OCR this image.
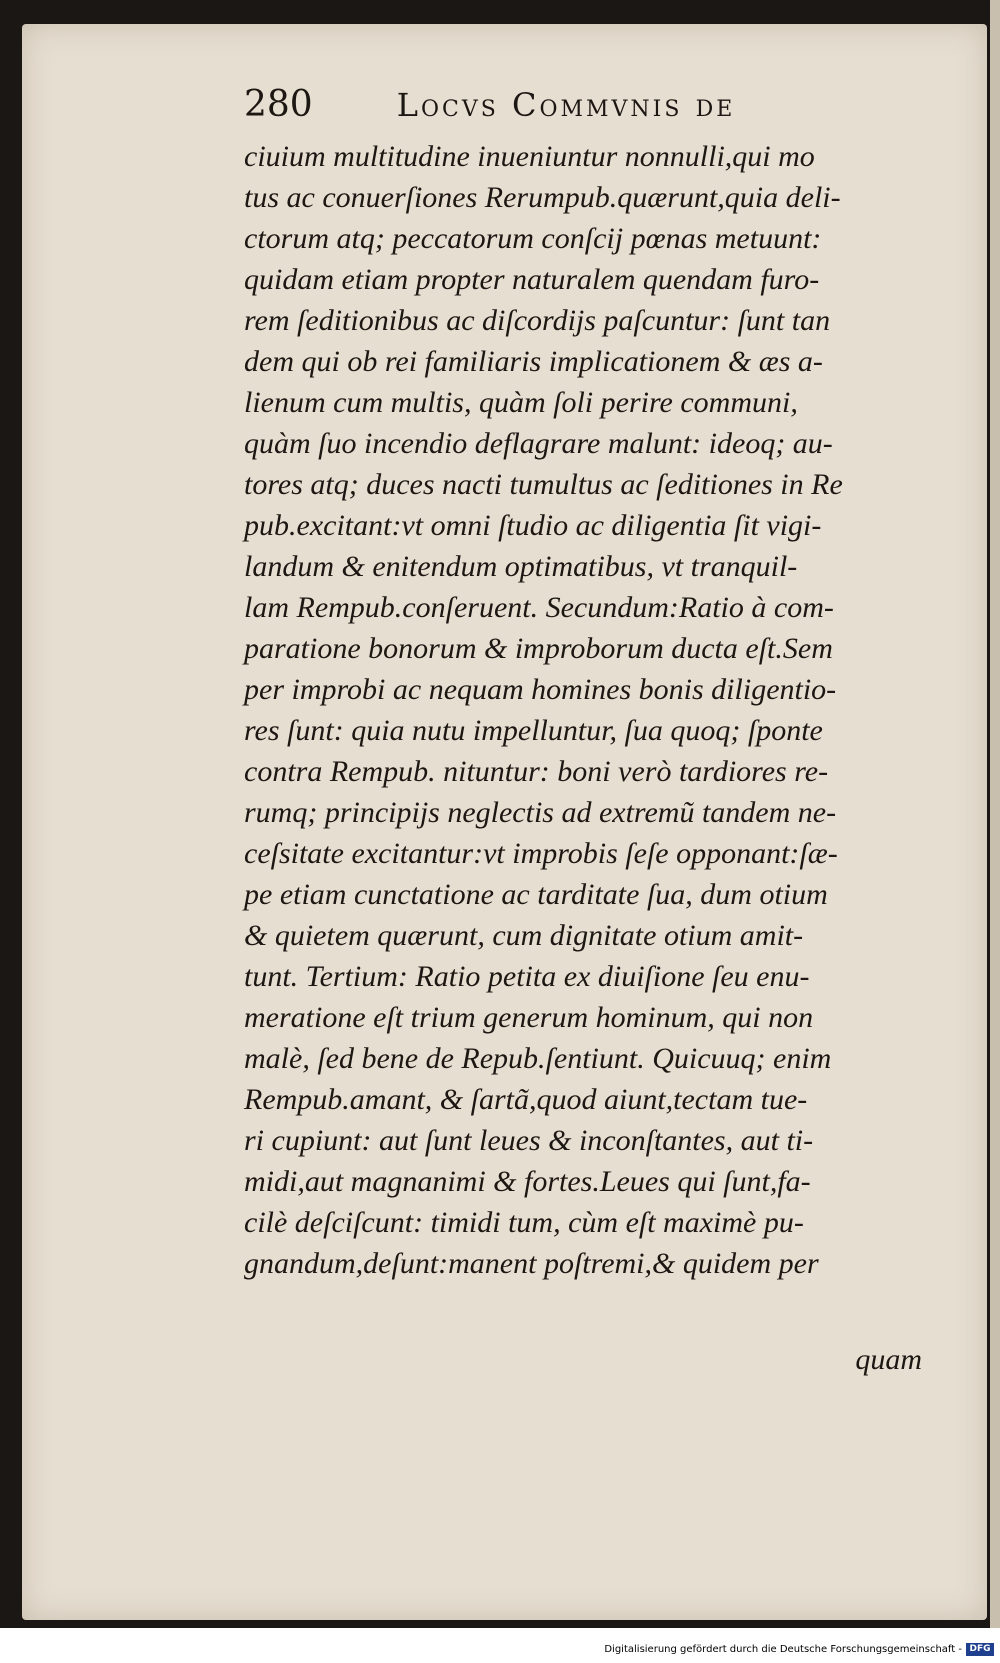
280	Locvs Commvnis de
ciuium multitudine inueniuntur nonnulli,qui mo
tus ac conuerſiones Rerumpub.quærunt,quia deli-
ctorum atq; peccatorum conſcij pœnas metuunt:
quidam etiam propter naturalem quendam furo-
rem ſeditionibus ac diſcordijs paſcuntur: ſunt tan
dem qui ob rei familiaris implicationem & æs a-
lienum cum multis, quàm ſoli perire communi,
quàm ſuo incendio deflagrare malunt: ideoq; au-
tores atq; duces nacti tumultus ac ſeditiones in Re
pub.excitant:vt omni ſtudio ac diligentia ſit vigi-
landum & enitendum optimatibus, vt tranquil-
lam Rempub.conſeruent. Secundum:Ratio à com-
paratione bonorum & improborum ducta eſt.Sem
per improbi ac nequam homines bonis diligentio-
res ſunt: quia nutu impelluntur, ſua quoq; ſponte
contra Rempub. nituntur: boni verò tardiores re-
rumq; principijs neglectis ad extremũ tandem ne-
ceſsitate excitantur:vt improbis ſeſe opponant:ſæ-
pe etiam cunctatione ac tarditate ſua, dum otium
& quietem quærunt, cum dignitate otium amit-
tunt. Tertium: Ratio petita ex diuiſione ſeu enu-
meratione eſt trium generum hominum, qui non
malè, ſed bene de Repub.ſentiunt. Quicuuq; enim
Rempub.amant, & ſartã,quod aiunt,tectam tue-
ri cupiunt: aut ſunt leues & inconſtantes, aut ti-
midi,aut magnanimi & fortes.Leues qui ſunt,fa-
cilè deſciſcunt: timidi tum, cùm eſt maximè pu-
gnandum,deſunt:manent poſtremi,& quidem per
quam
Digitalisierung gefördert durch die Deutsche Forschungsgemeinschaft - DFG
